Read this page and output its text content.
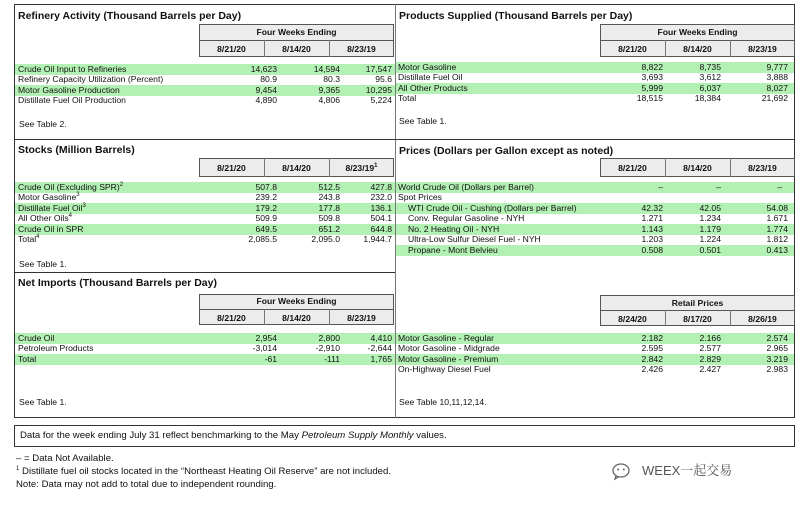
Refinery Activity (Thousand Barrels per Day)
Four Weeks Ending
8/21/20	8/14/20	8/23/19
Crude Oil Input to Refineries	14,623	14,594	17,547
Refinery Capacity Utilization (Percent)	80.9	80.3	95.6
Motor Gasoline Production	9,454	9,365	10,295
Distillate Fuel Oil Production	4,890	4,806	5,224
See Table 2.
Products Supplied (Thousand Barrels per Day)
Four Weeks Ending
8/21/20	8/14/20	8/23/19
Motor Gasoline	8,822	8,735	9,777
Distillate Fuel Oil	3,693	3,612	3,888
All Other Products	5,999	6,037	8,027
Total	18,515	18,384	21,692
See Table 1.
Stocks (Million Barrels)
8/21/20	8/14/20	$8/23/19^1$
Crude Oil (Excluding SPR)$^2$	507.8	512.5	427.8
Motor Gasoline$^3$	239.2	243.8	232.0
Distillate Fuel Oil$^3$	179.2	177.8	136.1
All Other Oils$^4$	509.9	509.8	504.1
Crude Oil in SPR	649.5	651.2	644.8
Total$^4$	2,085.5	2,095.0	1,944.7
See Table 1.
Prices (Dollars per Gallon except as noted)
8/21/20	8/14/20	8/23/19
World Crude Oil (Dollars per Barrel)	–	–	–
Spot Prices
WTI Crude Oil - Cushing (Dollars per Barrel)	42.32	42.05	54.08
Conv. Regular Gasoline - NYH	1.271	1.234	1.671
No. 2 Heating Oil - NYH	1.143	1.179	1.774
Ultra-Low Sulfur Diesel Fuel - NYH	1.203	1.224	1.812
Propane - Mont Belvieu	0.508	0.501	0.413
Net Imports (Thousand Barrels per Day)
Four Weeks Ending
8/21/20	8/14/20	8/23/19
Crude Oil	2,954	2,800	4,410
Petroleum Products	-3,014	-2,910	-2,644
Total	-61	-111	1,765
See Table 1.
Retail Prices
8/24/20	8/17/20	8/26/19
Motor Gasoline - Regular	2.182	2.166	2.574
Motor Gasoline - Midgrade	2.595	2.577	2.965
Motor Gasoline - Premium	2.842	2.829	3.219
On-Highway Diesel Fuel	2.426	2.427	2.983
See Table 10,11,12,14.
Data for the week ending July 31 reflect benchmarking to the May Petroleum Supply Monthly values.
– = Data Not Available.
$^1$ Distillate fuel oil stocks located in the “Northeast Heating Oil Reserve” are not included.
Note: Data may not add to total due to independent rounding.
WEEX一起交易
